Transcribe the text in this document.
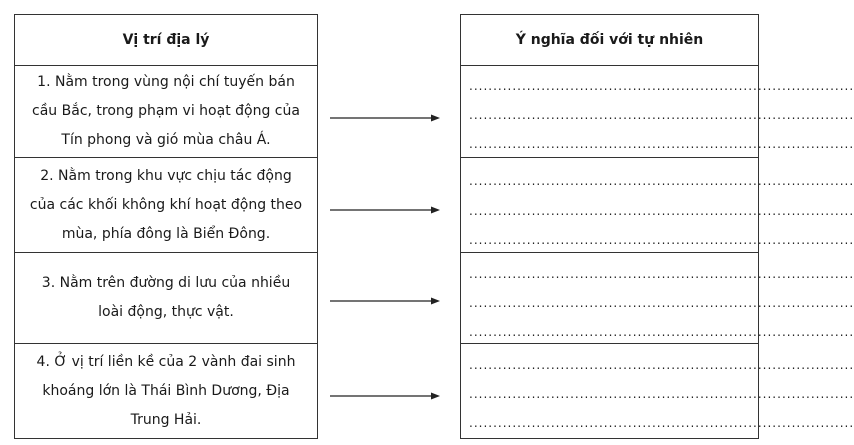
Vị trí địa lý
1. Nằm trong vùng nội chí tuyến bán
cầu Bắc, trong phạm vi hoạt động của
Tín phong và gió mùa châu Á.
2. Nằm trong khu vực chịu tác động
của các khối không khí hoạt động theo
mùa, phía đông là Biển Đông.
3. Nằm trên đường di lưu của nhiều
loài động, thực vật.
4. Ở vị trí liền kề của 2 vành đai sinh
khoáng lớn là Thái Bình Dương, Địa
Trung Hải.
Ý nghĩa đối với tự nhiên
................................................................................
................................................................................
................................................................................
................................................................................
................................................................................
................................................................................
................................................................................
................................................................................
................................................................................
................................................................................
................................................................................
................................................................................
